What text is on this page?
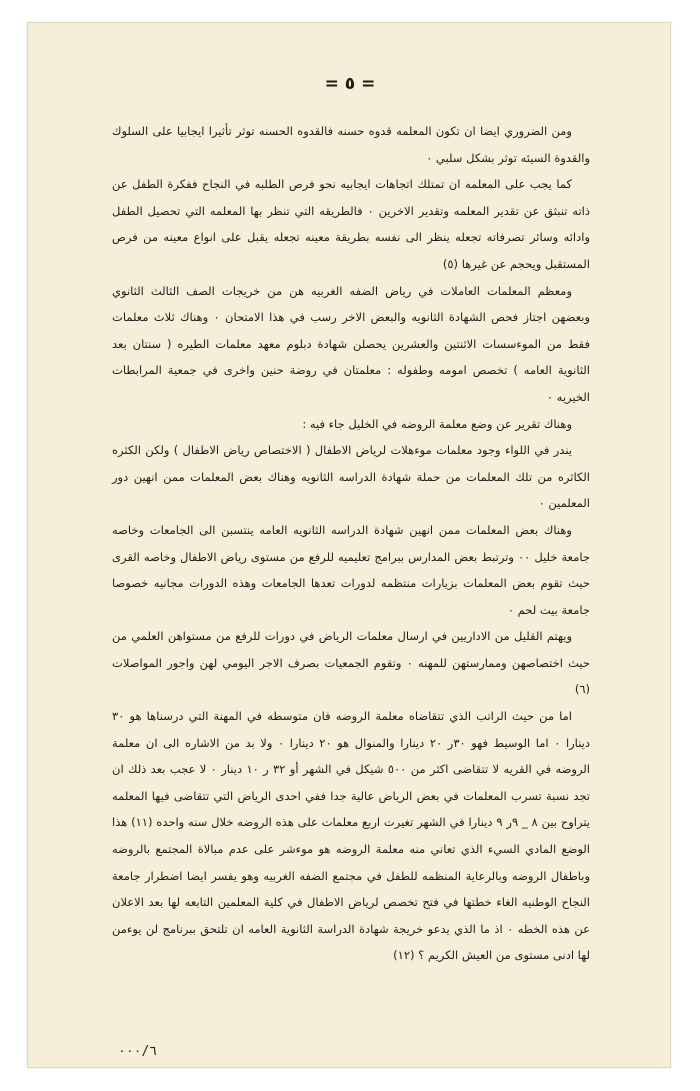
= ٥ =

ومن الضروري ايضا ان تكون المعلمه قدوه حسنه فالقدوه الحسنه توثر تأثيرا ايجابيا على السلوك والقدوة السيئه توثر بشكل سلبي ٠

كما يجب على المعلمه ان تمتلك اتجاهات ايجابيه نحو فرص الطلبه في النجاح ففكرة الطفل عن ذاته تنبثق عن تقدير المعلمه وتقدير الاخرين ٠ فالطريقه التي تنظر بها المعلمه التي تحصيل الطفل وادائه وسائر تصرفاته تجعله ينظر الى نفسه بطريقة معينه تجعله يقبل على انواع معينه من فرص المستقبل ويحجم عن غيرها (٥)

ومعظم المعلمات العاملات في رياض الضفه الغربيه هن من خريجات الصف الثالث الثانوي وبعضهن اجتاز فحص الشهادة الثانويه والبعض الاخر رسب في هذا الامتحان ٠ وهناك ثلاث معلمات فقط من الموءسسات الاثنتين والعشرين يحصلن شهادة دبلوم معهد معلمات الطيره ( سنتان بعد الثانوية العامه ) تخصص امومه وطفوله : معلمتان في روضة حنين واخرى في جمعية المرابطات الخيريه ٠

وهناك تقرير عن وضع معلمة الروضه في الخليل جاء فيه :

يندر في اللواء وجود معلمات موءهلات لرياض الاطفال ( الاختصاص رياض الاطفال ) ولكن الكثره الكاثره من تلك المعلمات من حملة شهادة الدراسه الثانويه وهناك بعض المعلمات ممن انهين دور المعلمين ٠

وهناك بعض المعلمات ممن انهين شهادة الدراسه الثانويه العامه ينتسبن الى الجامعات وخاصه جامعة خليل ٠٠ وترتبط بعض المدارس ببرامج تعليميه للرفع من مستوى رياض الاطفال وخاصه القرى حيث تقوم بعض المعلمات بزيارات منتظمه لدورات تعدها الجامعات وهذه الدورات مجانيه خصوصا جامعة بيت لحم ٠

ويهتم القليل من الاداريين في ارسال معلمات الرياض في دورات للرفع من مستواهن العلمي من حيث اختصاصهن وممارستهن للمهنه ٠ وتقوم الجمعيات بصرف الاجر اليومي لهن واجور المواصلات (٦)

اما من حيث الراتب الذي تتقاضاه معلمة الروضه فان متوسطه في المهنة التي درسناها هو ٣٠ دينارا ٠ اما الوسيط فهو ٣٠ر ٢٠ دينارا والمنوال هو ٢٠ دينارا ٠ ولا بد من الاشاره الى ان معلمة الروضه في القريه لا تتقاضى اكثر من ٥٠٠ شيكل في الشهر أو ٣٢ ر ١٠ دينار ٠ لا عجب بعد ذلك ان تجد نسبة تسرب المعلمات في بعض الرياض عالية جدا ففي احدى الرياض التي تتقاضى فيها المعلمه يتراوح بين ٨ _ ٩ر ٩ دينارا في الشهر تغيرت اربع معلمات على هذه الروضه خلال سنه واحده (١١) هذا الوضع المادي السيء الذي تعاني منه معلمة الروضه هو موءشر على عدم مبالاة المجتمع بالروضه وباطفال الروضه وبالرعاية المنظمه للطفل في مجتمع الضفه الغربيه وهو يفسر ايضا اضطرار جامعة النجاح الوطنيه الغاء خطتها في فتح تخصص لرياض الاطفال في كلية المعلمين التابعه لها بعد الاعلان عن هذه الخطه ٠ اذ ما الذي يدعو خريجة شهادة الدراسة الثانوية العامه ان تلتحق ببرنامج لن يوءمن لها ادنى مستوى من العيش الكريم ؟ (١٢)

٠٠٠/٦
